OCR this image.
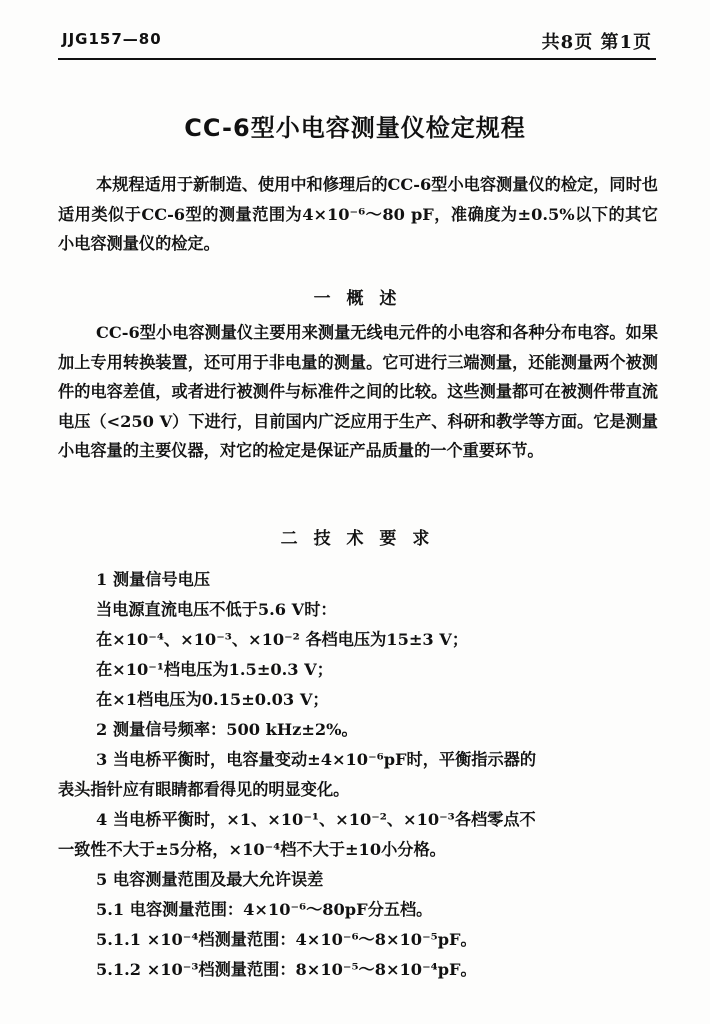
JJG157—80	共8页 第1页
CC-6型小电容测量仪检定规程
本规程适用于新制造、使用中和修理后的CC-6型小电容测量仪的检定，同时也适用类似于CC-6型的测量范围为4×10⁻⁶～80 pF，准确度为±0.5%以下的其它小电容测量仪的检定。
一 概 述
CC-6型小电容测量仪主要用来测量无线电元件的小电容和各种分布电容。如果加上专用转换装置，还可用于非电量的测量。它可进行三端测量，还能测量两个被测件的电容差值，或者进行被测件与标准件之间的比较。这些测量都可在被测件带直流电压（<250 V）下进行，目前国内广泛应用于生产、科研和教学等方面。它是测量小电容量的主要仪器，对它的检定是保证产品质量的一个重要环节。
二 技 术 要 求
1 测量信号电压
当电源直流电压不低于5.6 V时：
在×10⁻⁴、×10⁻³、×10⁻² 各档电压为15±3 V；
在×10⁻¹档电压为1.5±0.3 V；
在×1档电压为0.15±0.03 V；
2 测量信号频率：500 kHz±2%。
3 当电桥平衡时，电容量变动±4×10⁻⁶pF时，平衡指示器的
表头指针应有眼睛都看得见的明显变化。
4 当电桥平衡时，×1、×10⁻¹、×10⁻²、×10⁻³各档零点不
一致性不大于±5分格，×10⁻⁴档不大于±10小分格。
5 电容测量范围及最大允许误差
5.1 电容测量范围：4×10⁻⁶～80pF分五档。
5.1.1 ×10⁻⁴档测量范围：4×10⁻⁶～8×10⁻⁵pF。
5.1.2 ×10⁻³档测量范围：8×10⁻⁵～8×10⁻⁴pF。
